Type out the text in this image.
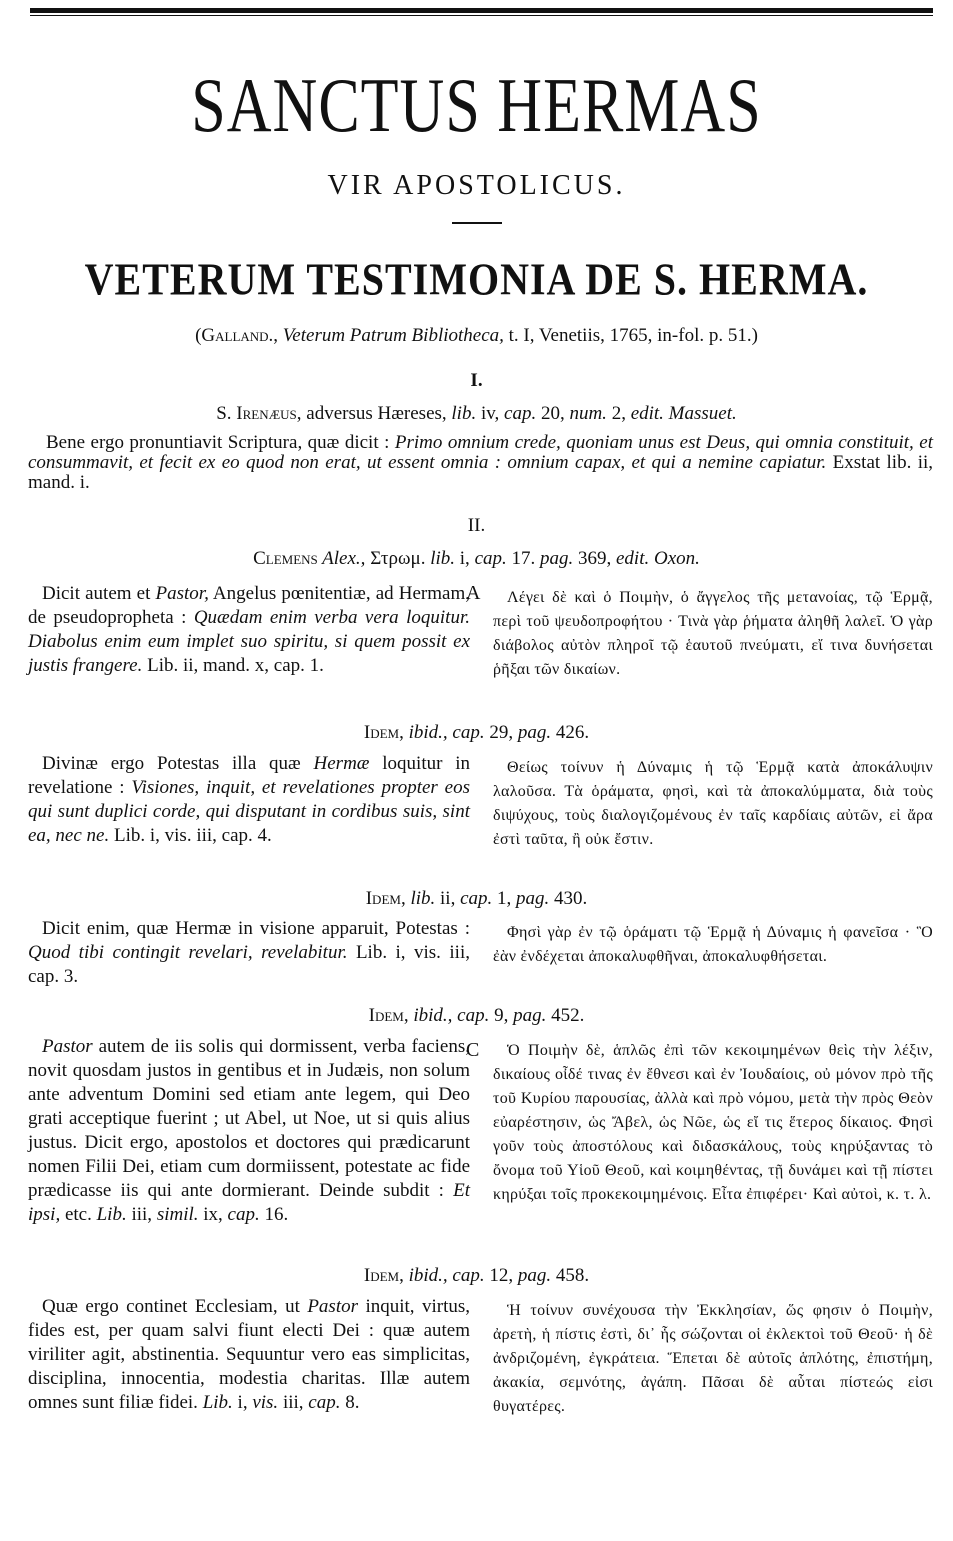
SANCTUS HERMAS
VIR APOSTOLICUS.
VETERUM TESTIMONIA DE S. HERMA.
(Galland., Veterum Patrum Bibliotheca, t. I, Venetiis, 1765, in-fol. p. 51.)
I.
S. Irenæus, adversus Hæreses, lib. iv, cap. 20, num. 2, edit. Massuet.
Bene ergo pronuntiavit Scriptura, quæ dicit : Primo omnium crede, quoniam unus est Deus, qui omnia constituit, et consummavit, et fecit ex eo quod non erat, ut essent omnia : omnium capax, et qui a nemine capiatur. Exstat lib. ii, mand. i.
II.
Clemens Alex., Στρωμ. lib. i, cap. 17. pag. 369, edit. Oxon.
A
Dicit autem et Pastor, Angelus pœnitentiæ, ad Hermam, de pseudopropheta : Quædam enim verba vera loquitur. Diabolus enim eum implet suo spiritu, si quem possit ex justis frangere. Lib. ii, mand. x, cap. 1.
Λέγει δὲ καὶ ὁ Ποιμὴν, ὁ ἄγγελος τῆς μετανοίας, τῷ Ἑρμᾷ, περὶ τοῦ ψευδοπροφήτου · Τινὰ γὰρ ῥήματα ἀληθῆ λαλεῖ. Ὁ γὰρ διάβολος αὐτὸν πληροῖ τῷ ἑαυτοῦ πνεύματι, εἴ τινα δυνήσεται ῥῆξαι τῶν δικαίων.
Idem, ibid., cap. 29, pag. 426.
Divinæ ergo Potestas illa quæ Hermæ loquitur in revelatione : Visiones, inquit, et revelationes propter eos qui sunt duplici corde, qui disputant in cordibus suis, sint ea, nec ne. Lib. i, vis. iii, cap. 4.
Θείως τοίνυν ἡ Δύναμις ἡ τῷ Ἑρμᾷ κατὰ ἀποκάλυψιν λαλοῦσα. Τὰ ὁράματα, φησὶ, καὶ τὰ ἀποκαλύμματα, διὰ τοὺς διψύχους, τοὺς διαλογιζομένους ἐν ταῖς καρδίαις αὐτῶν, εἰ ἄρα ἐστὶ ταῦτα, ἢ οὐκ ἔστιν.
Idem, lib. ii, cap. 1, pag. 430.
Dicit enim, quæ Hermæ in visione apparuit, Potestas : Quod tibi contingit revelari, revelabitur. Lib. i, vis. iii, cap. 3.
Φησὶ γὰρ ἐν τῷ ὁράματι τῷ Ἑρμᾷ ἡ Δύναμις ἡ φανεῖσα · Ὃ ἐὰν ἐνδέχεται ἀποκαλυφθῆναι, ἀποκαλυφθήσεται.
Idem, ibid., cap. 9, pag. 452.
C
Pastor autem de iis solis qui dormissent, verba faciens, novit quosdam justos in gentibus et in Judæis, non solum ante adventum Domini sed etiam ante legem, qui Deo grati acceptique fuerint ; ut Abel, ut Noe, ut si quis alius justus. Dicit ergo, apostolos et doctores qui prædicarunt nomen Filii Dei, etiam cum dormiissent, potestate ac fide prædicasse iis qui ante dormierant. Deinde subdit : Et ipsi, etc. Lib. iii, simil. ix, cap. 16.
Ὁ Ποιμὴν δὲ, ἁπλῶς ἐπὶ τῶν κεκοιμημένων θεὶς τὴν λέξιν, δικαίους οἶδέ τινας ἐν ἔθνεσι καὶ ἐν Ἰουδαίοις, οὐ μόνον πρὸ τῆς τοῦ Κυρίου παρουσίας, ἀλλὰ καὶ πρὸ νόμου, μετὰ τὴν πρὸς Θεὸν εὐαρέστησιν, ὡς Ἄβελ, ὡς Νῶε, ὡς εἴ τις ἕτερος δίκαιος. Φησὶ γοῦν τοὺς ἀποστόλους καὶ διδασκάλους, τοὺς κηρύξαντας τὸ ὄνομα τοῦ Υἱοῦ Θεοῦ, καὶ κοιμηθέντας, τῇ δυνάμει καὶ τῇ πίστει κηρύξαι τοῖς προκεκοιμημένοις. Εἶτα ἐπιφέρει· Καὶ αὐτοὶ, κ. τ. λ.
Idem, ibid., cap. 12, pag. 458.
Quæ ergo continet Ecclesiam, ut Pastor inquit, virtus, fides est, per quam salvi fiunt electi Dei : quæ autem viriliter agit, abstinentia. Sequuntur vero eas simplicitas, disciplina, innocentia, modestia charitas. Illæ autem omnes sunt filiæ fidei. Lib. i, vis. iii, cap. 8.
Ἡ τοίνυν συνέχουσα τὴν Ἐκκλησίαν, ὥς φησιν ὁ Ποιμὴν, ἀρετὴ, ἡ πίστις ἐστὶ, δι᾽ ἧς σώζονται οἱ ἐκλεκτοὶ τοῦ Θεοῦ· ἡ δὲ ἀνδριζομένη, ἐγκράτεια. Ἕπεται δὲ αὐτοῖς ἁπλότης, ἐπιστήμη, ἀκακία, σεμνότης, ἀγάπη. Πᾶσαι δὲ αὗται πίστεώς εἰσι θυγατέρες.
